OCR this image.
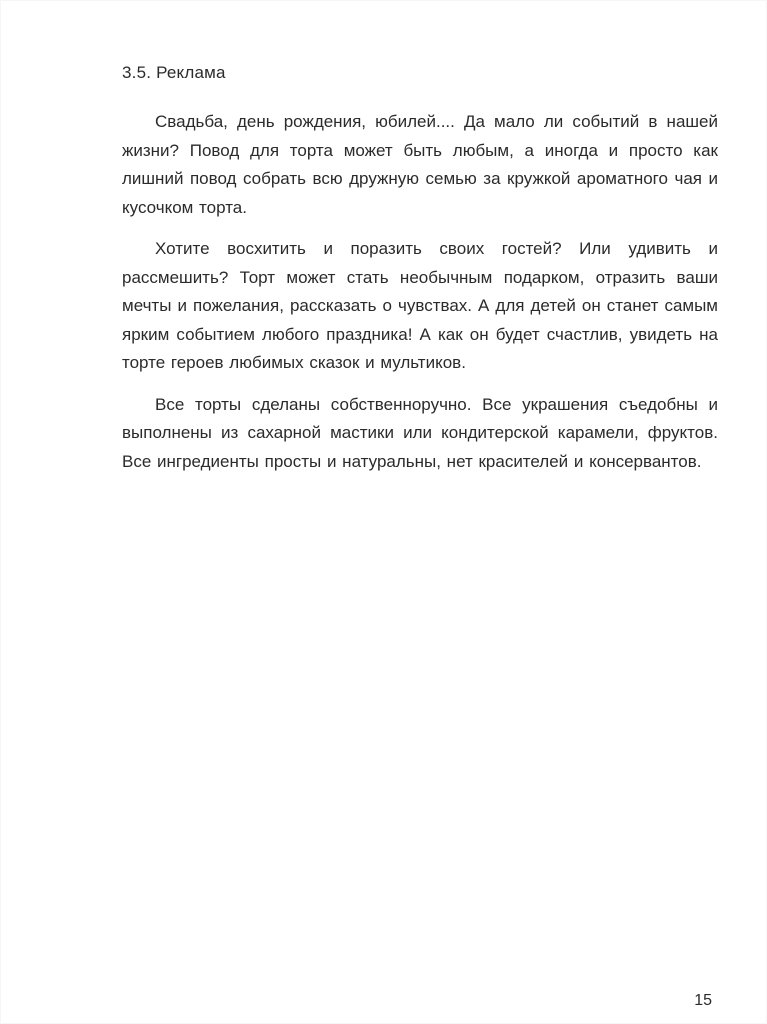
3.5. Реклама

Свадьба, день рождения, юбилей.... Да мало ли событий в нашей жизни? Повод для торта может быть любым, а иногда и просто как лишний повод собрать всю дружную семью за кружкой ароматного чая и кусочком торта.

Хотите восхитить и поразить своих гостей? Или удивить и рассмешить? Торт может стать необычным подарком, отразить ваши мечты и пожелания, рассказать о чувствах. А для детей он станет самым ярким событием любого праздника! А как он будет счастлив, увидеть на торте героев любимых сказок и мультиков.

Все торты сделаны собственноручно. Все украшения съедобны и выполнены из сахарной мастики или кондитерской карамели, фруктов. Все ингредиенты просты и натуральны, нет красителей и консервантов.

15
